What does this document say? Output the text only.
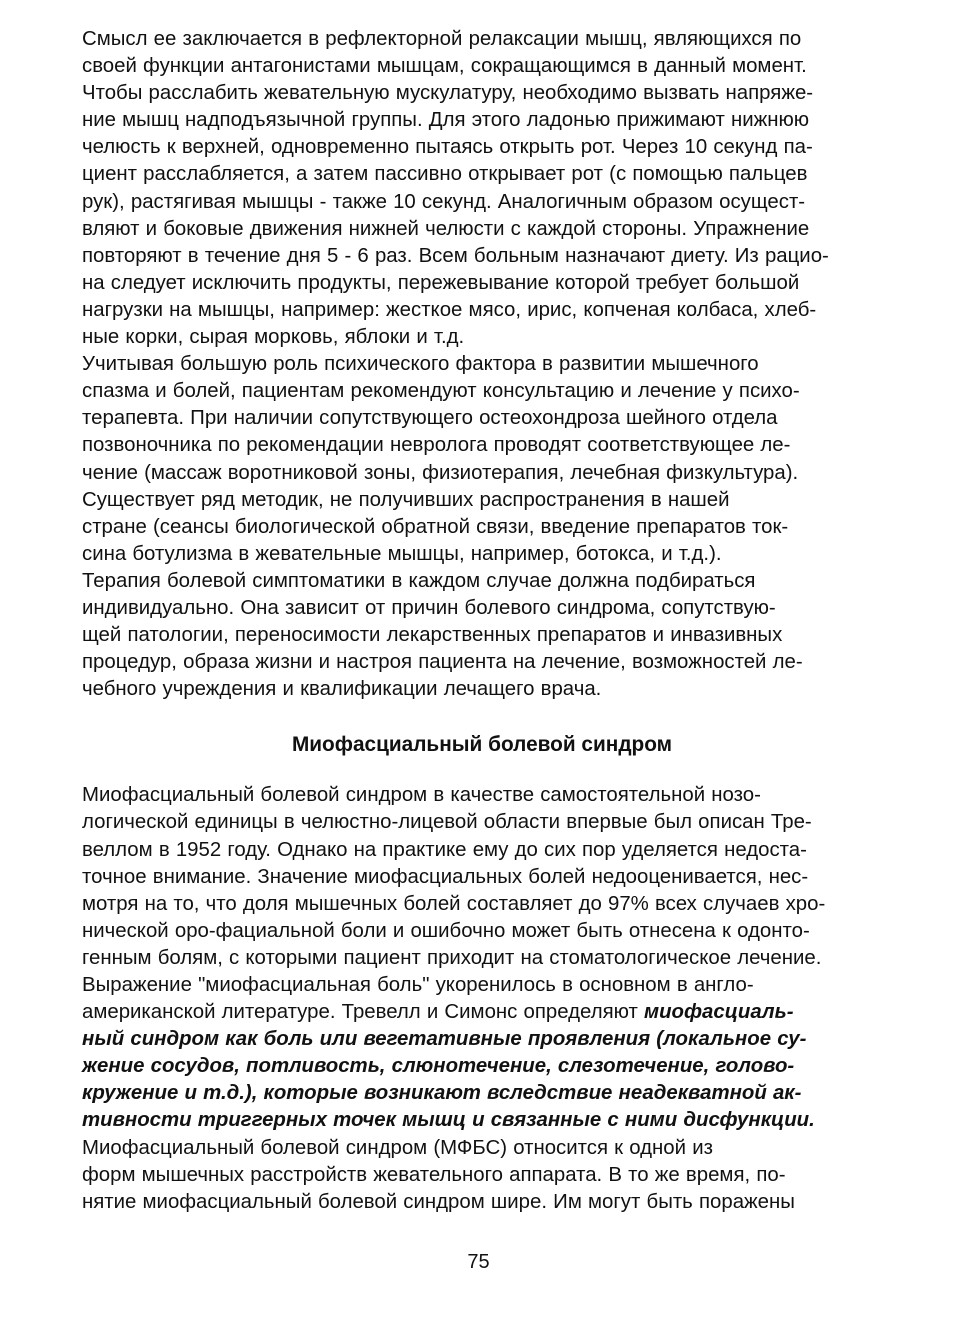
Смысл ее заключается в рефлекторной релаксации мышц, являющихся по
своей функции антагонистами мышцам, сокращающимся в данный момент.
Чтобы расслабить жевательную мускулатуру, необходимо вызвать напряже-
ние мышц надподъязычной группы. Для этого ладонью прижимают нижнюю
челюсть к верхней, одновременно пытаясь открыть рот. Через 10 секунд па-
циент расслабляется, а затем пассивно открывает рот (с помощью пальцев
рук), растягивая мышцы - также 10 секунд. Аналогичным образом осущест-
вляют и боковые движения нижней челюсти с каждой стороны. Упражнение
повторяют в течение дня 5 - 6 раз. Всем больным назначают диету. Из рацио-
на следует исключить продукты, пережевывание которой требует большой
нагрузки на мышцы, например: жесткое мясо, ирис, копченая колбаса, хлеб-
ные корки, сырая морковь, яблоки и т.д.

Учитывая большую роль психического фактора в развитии мышечного
спазма и болей, пациентам рекомендуют консультацию и лечение у психо-
терапевта. При наличии сопутствующего остеохондроза шейного отдела
позвоночника по рекомендации невролога проводят соответствующее ле-
чение (массаж воротниковой зоны, физиотерапия, лечебная физкультура).

Существует ряд методик, не получивших распространения в нашей
стране (сеансы биологической обратной связи, введение препаратов ток-
сина ботулизма в жевательные мышцы, например, ботокса, и т.д.).

Терапия болевой симптоматики в каждом случае должна подбираться
индивидуально. Она зависит от причин болевого синдрома, сопутствую-
щей патологии, переносимости лекарственных препаратов и инвазивных
процедур, образа жизни и настроя пациента на лечение, возможностей ле-
чебного учреждения и квалификации лечащего врача.

Миофасциальный болевой синдром

Миофасциальный болевой синдром в качестве самостоятельной нозо-
логической единицы в челюстно-лицевой области впервые был описан Тре-
веллом в 1952 году. Однако на практике ему до сих пор уделяется недоста-
точное внимание. Значение миофасциальных болей недооценивается, нес-
мотря на то, что доля мышечных болей составляет до 97% всех случаев хро-
нической оро-фациальной боли и ошибочно может быть отнесена к одонто-
генным болям, с которыми пациент приходит на стоматологическое лечение.

Выражение "миофасциальная боль" укоренилось в основном в англо-
американской литературе. Тревелл и Симонс определяют миофасциаль-
ный синдром как боль или вегетативные проявления (локальное су-
жение сосудов, потливость, слюнотечение, слезотечение, голово-
кружение и т.д.), которые возникают вследствие неадекватной ак-
тивности триггерных точек мышц и связанные с ними дисфункции.

Миофасциальный болевой синдром (МФБС) относится к одной из
форм мышечных расстройств жевательного аппарата. В то же время, по-
нятие миофасциальный болевой синдром шире. Им могут быть поражены

75
